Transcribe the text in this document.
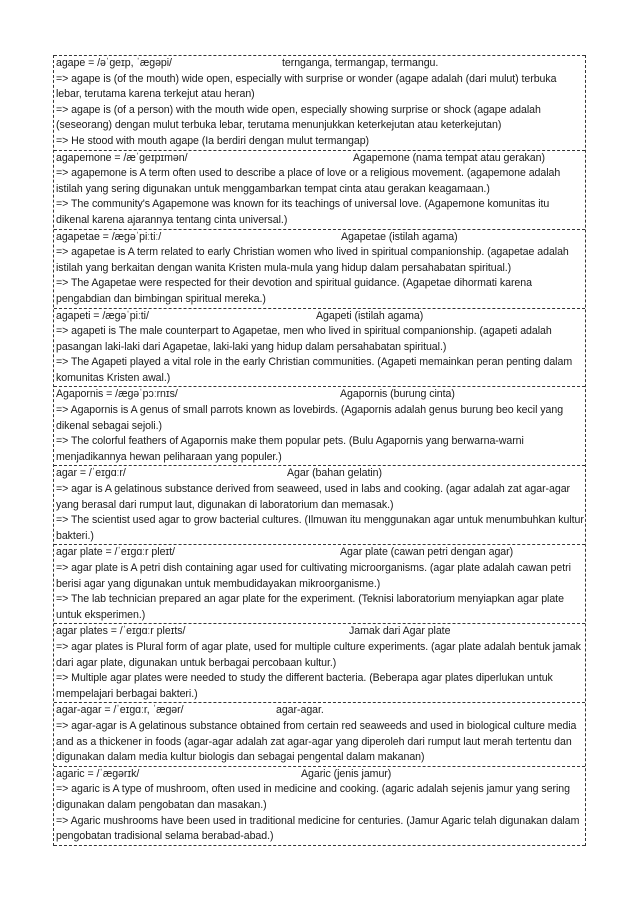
agape = /əˈɡeɪp, ˈæɡəpi/	ternganga, termangap, termangu.
=> agape is (of the mouth) wide open, especially with surprise or wonder (agape adalah (dari mulut) terbuka lebar, terutama karena terkejut atau heran)
=> agape is (of a person) with the mouth wide open, especially showing surprise or shock (agape adalah (seseorang) dengan mulut terbuka lebar, terutama menunjukkan keterkejutan atau keterkejutan)
=> He stood with mouth agape (Ia berdiri dengan mulut termangap)
agapemone = /æˈɡeɪpɪmən/	Agapemone (nama tempat atau gerakan)
=> agapemone is A term often used to describe a place of love or a religious movement. (agapemone adalah istilah yang sering digunakan untuk menggambarkan tempat cinta atau gerakan keagamaan.)
=> The community's Agapemone was known for its teachings of universal love. (Agapemone komunitas itu dikenal karena ajarannya tentang cinta universal.)
agapetae = /æɡəˈpiːtiː/	Agapetae (istilah agama)
=> agapetae is A term related to early Christian women who lived in spiritual companionship. (agapetae adalah istilah yang berkaitan dengan wanita Kristen mula-mula yang hidup dalam persahabatan spiritual.)
=> The Agapetae were respected for their devotion and spiritual guidance. (Agapetae dihormati karena pengabdian dan bimbingan spiritual mereka.)
agapeti = /æɡəˈpiːti/	Agapeti (istilah agama)
=> agapeti is The male counterpart to Agapetae, men who lived in spiritual companionship. (agapeti adalah pasangan laki-laki dari Agapetae, laki-laki yang hidup dalam persahabatan spiritual.)
=> The Agapeti played a vital role in the early Christian communities. (Agapeti memainkan peran penting dalam komunitas Kristen awal.)
Agapornis = /æɡəˈpɔːrnɪs/	Agapornis (burung cinta)
=> Agapornis is A genus of small parrots known as lovebirds. (Agapornis adalah genus burung beo kecil yang dikenal sebagai sejoli.)
=> The colorful feathers of Agapornis make them popular pets. (Bulu Agapornis yang berwarna-warni menjadikannya hewan peliharaan yang populer.)
agar = /ˈeɪɡɑːr/	Agar (bahan gelatin)
=> agar is A gelatinous substance derived from seaweed, used in labs and cooking. (agar adalah zat agar-agar yang berasal dari rumput laut, digunakan di laboratorium dan memasak.)
=> The scientist used agar to grow bacterial cultures. (Ilmuwan itu menggunakan agar untuk menumbuhkan kultur bakteri.)
agar plate = /ˈeɪɡɑːr pleɪt/	Agar plate (cawan petri dengan agar)
=> agar plate is A petri dish containing agar used for cultivating microorganisms. (agar plate adalah cawan petri berisi agar yang digunakan untuk membudidayakan mikroorganisme.)
=> The lab technician prepared an agar plate for the experiment. (Teknisi laboratorium menyiapkan agar plate untuk eksperimen.)
agar plates = /ˈeɪɡɑːr pleɪts/	Jamak dari Agar plate
=> agar plates is Plural form of agar plate, used for multiple culture experiments. (agar plate adalah bentuk jamak dari agar plate, digunakan untuk berbagai percobaan kultur.)
=> Multiple agar plates were needed to study the different bacteria. (Beberapa agar plates diperlukan untuk mempelajari berbagai bakteri.)
agar-agar = /ˈeɪɡɑːr, ˈæɡər/	agar-agar.
=> agar-agar is A gelatinous substance obtained from certain red seaweeds and used in biological culture media and as a thickener in foods (agar-agar adalah zat agar-agar yang diperoleh dari rumput laut merah tertentu dan digunakan dalam media kultur biologis dan sebagai pengental dalam makanan)
agaric = /ˈæɡərɪk/	Agaric (jenis jamur)
=> agaric is A type of mushroom, often used in medicine and cooking. (agaric adalah sejenis jamur yang sering digunakan dalam pengobatan dan masakan.)
=> Agaric mushrooms have been used in traditional medicine for centuries. (Jamur Agaric telah digunakan dalam pengobatan tradisional selama berabad-abad.)
